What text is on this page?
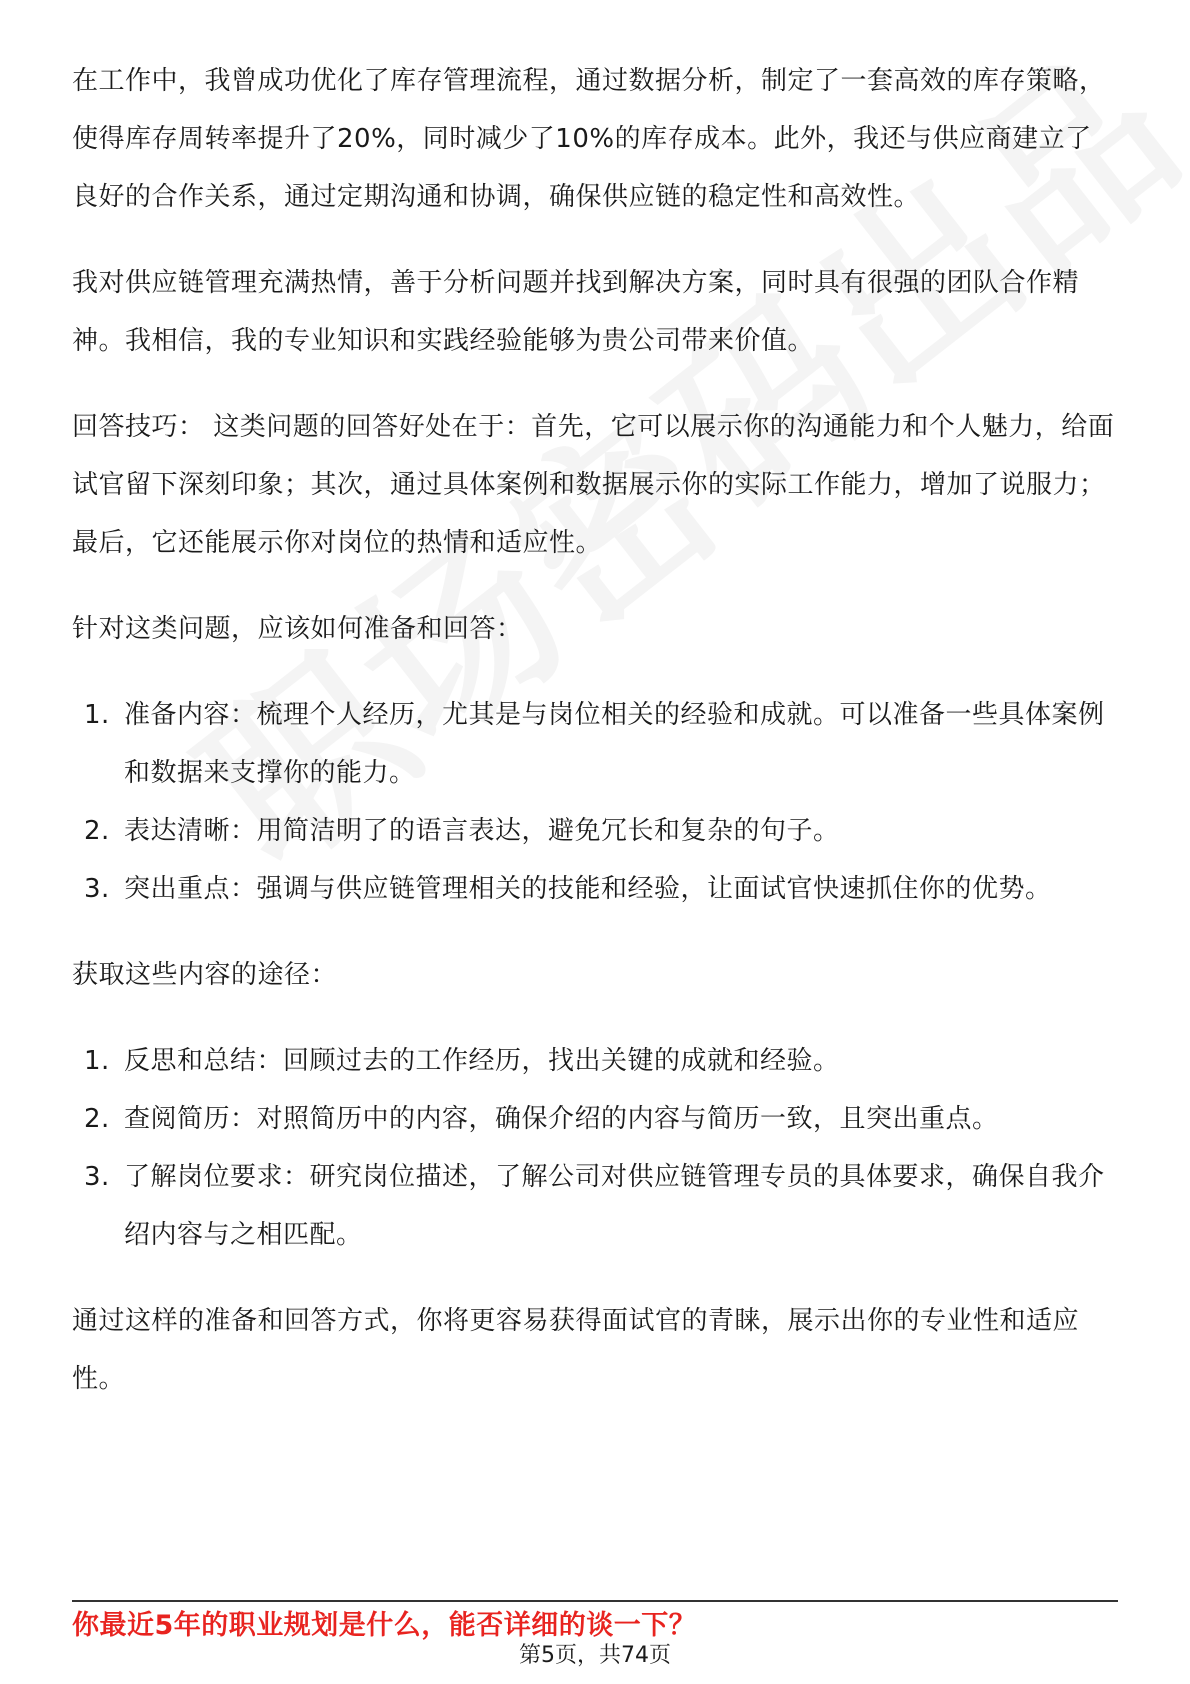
在工作中，我曾成功优化了库存管理流程，通过数据分析，制定了一套高效的库存策略，使得库存周转率提升了20%，同时减少了10%的库存成本。此外，我还与供应商建立了良好的合作关系，通过定期沟通和协调，确保供应链的稳定性和高效性。

我对供应链管理充满热情，善于分析问题并找到解决方案，同时具有很强的团队合作精神。我相信，我的专业知识和实践经验能够为贵公司带来价值。

回答技巧： 这类问题的回答好处在于：首先，它可以展示你的沟通能力和个人魅力，给面试官留下深刻印象；其次，通过具体案例和数据展示你的实际工作能力，增加了说服力；最后，它还能展示你对岗位的热情和适应性。

针对这类问题，应该如何准备和回答：

1. 准备内容：梳理个人经历，尤其是与岗位相关的经验和成就。可以准备一些具体案例和数据来支撑你的能力。
2. 表达清晰：用简洁明了的语言表达，避免冗长和复杂的句子。
3. 突出重点：强调与供应链管理相关的技能和经验，让面试官快速抓住你的优势。

获取这些内容的途径：

1. 反思和总结：回顾过去的工作经历，找出关键的成就和经验。
2. 查阅简历：对照简历中的内容，确保介绍的内容与简历一致，且突出重点。
3. 了解岗位要求：研究岗位描述，了解公司对供应链管理专员的具体要求，确保自我介绍内容与之相匹配。

通过这样的准备和回答方式，你将更容易获得面试官的青睐，展示出你的专业性和适应性。

你最近5年的职业规划是什么，能否详细的谈一下？
第5页，共74页
